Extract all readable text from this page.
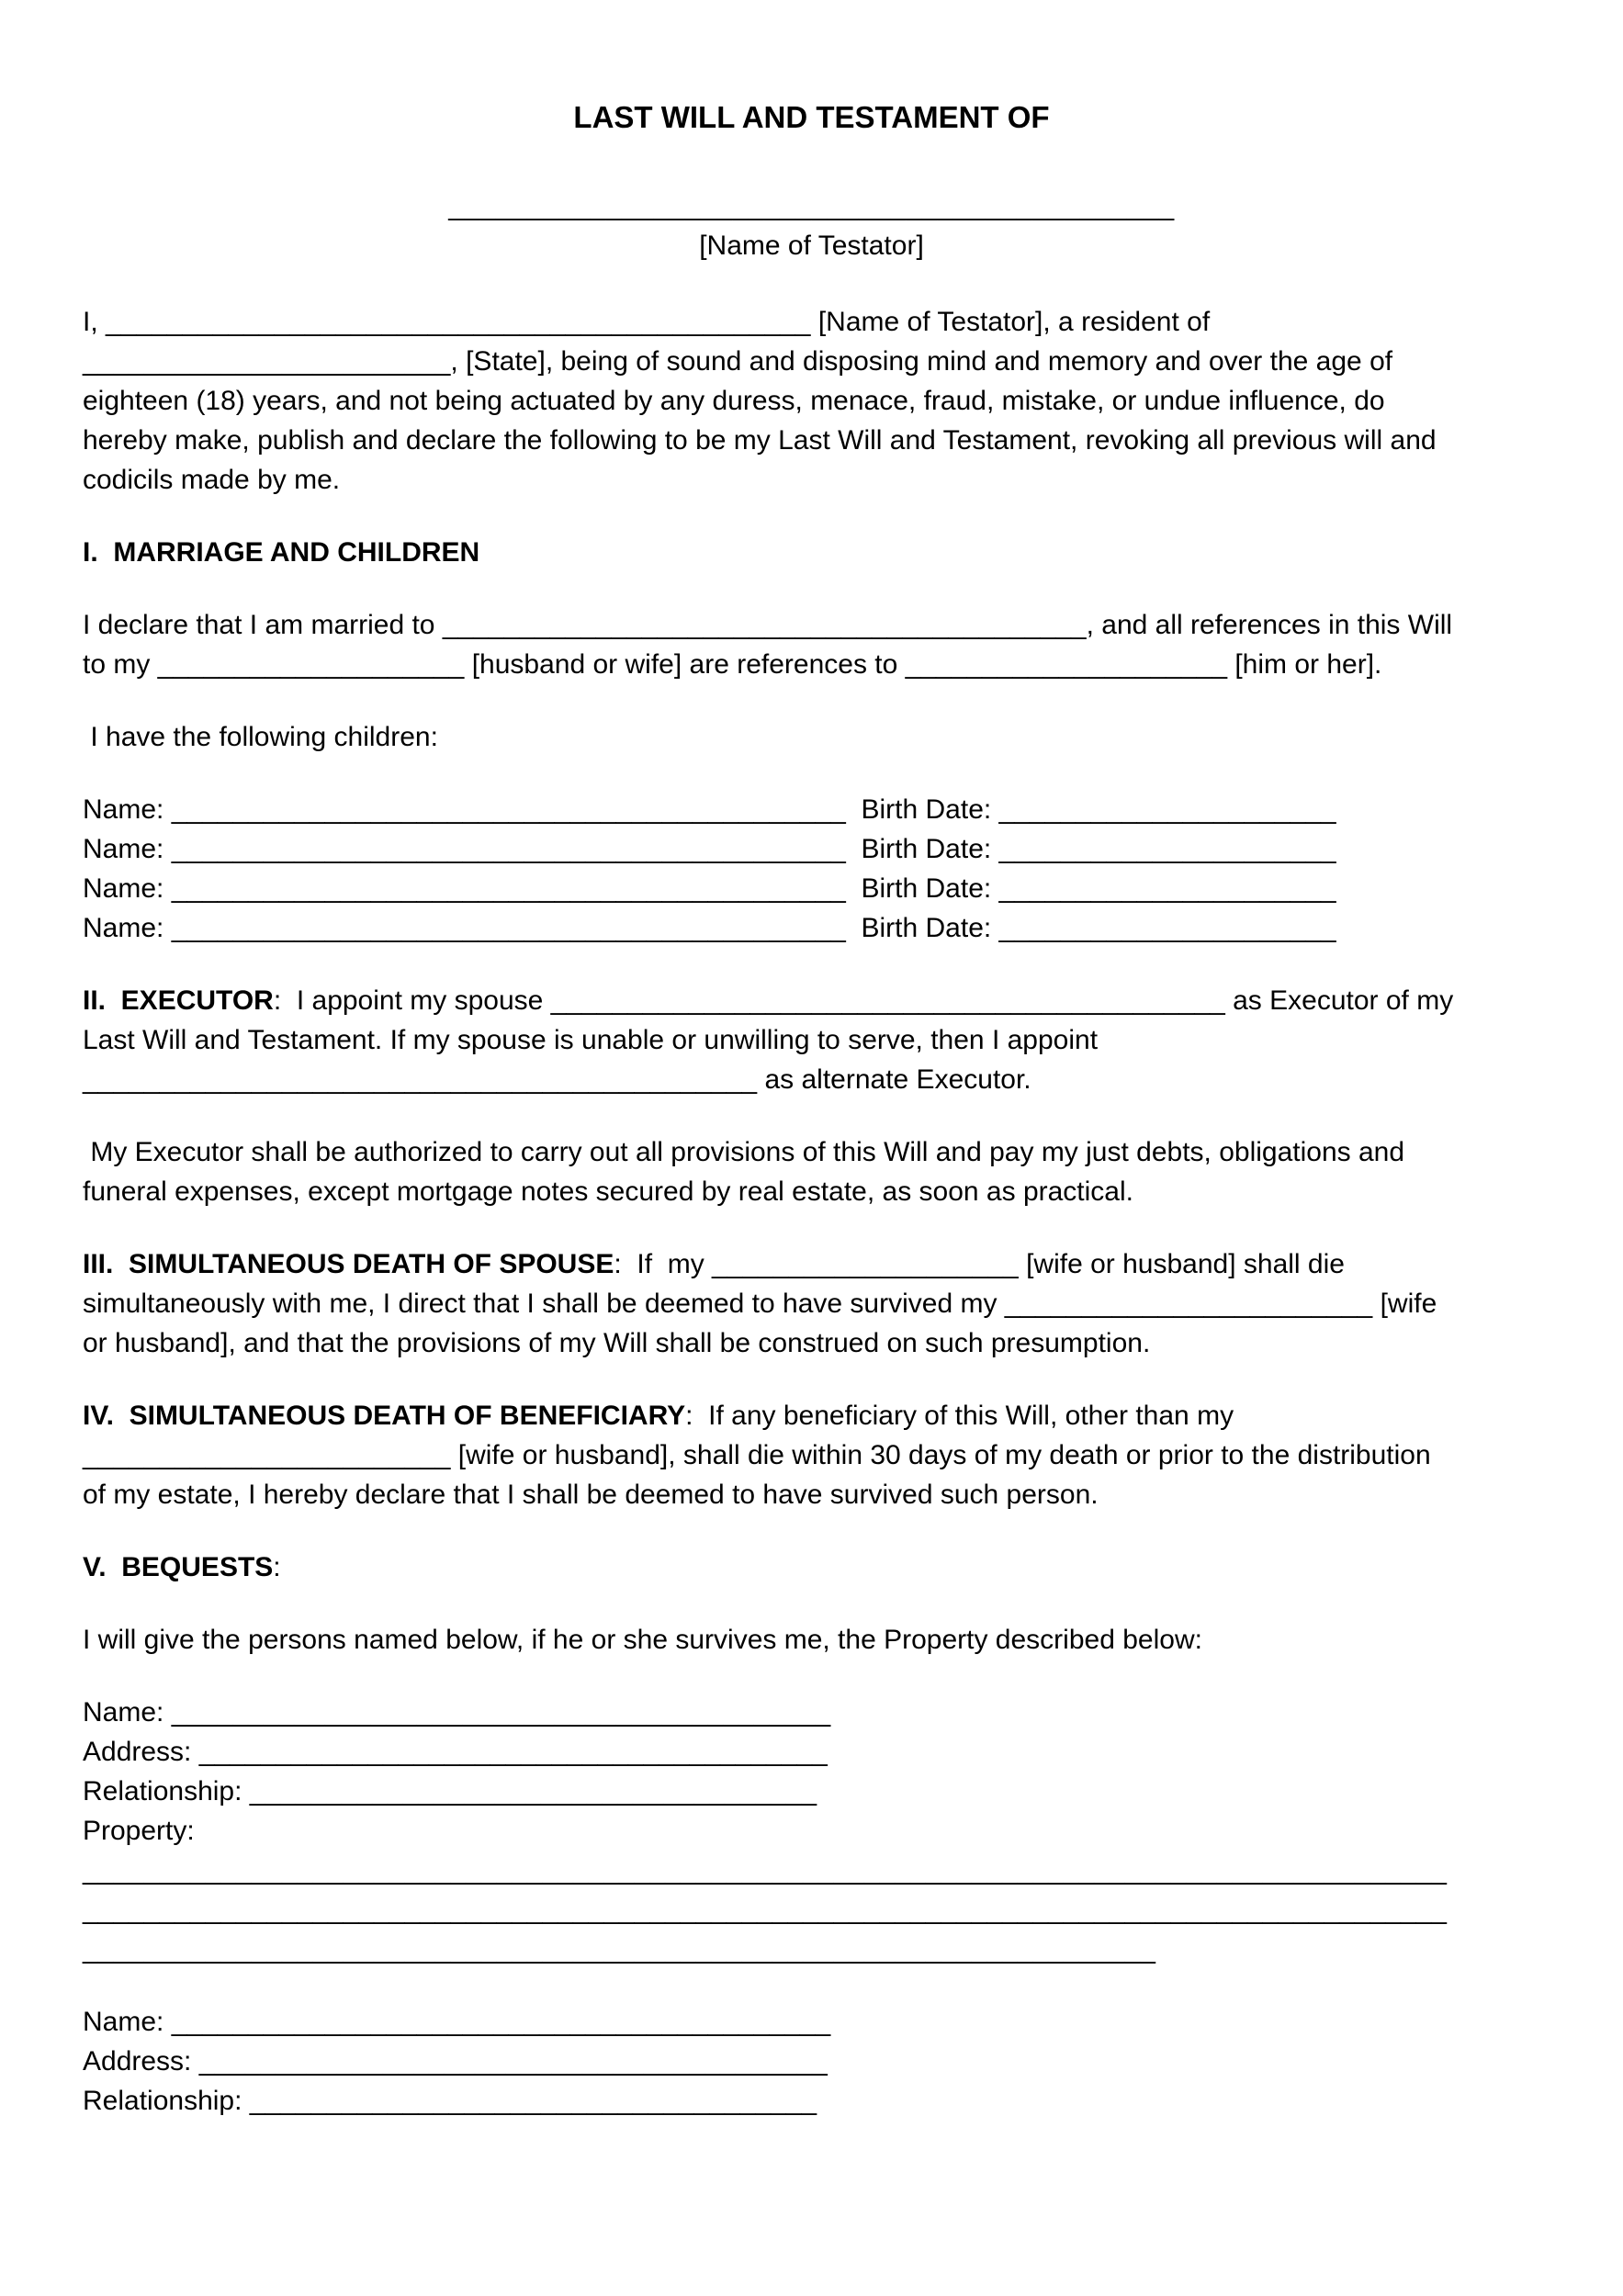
LAST WILL AND TESTAMENT OF

______________________________________________

[Name of Testator]

I, ______________________________________________ [Name of Testator], a resident of ________________________, [State], being of sound and disposing mind and memory and over the age of eighteen (18) years, and not being actuated by any duress, menace, fraud, mistake, or undue influence, do hereby make, publish and declare the following to be my Last Will and Testament, revoking all previous will and codicils made by me.

I.  MARRIAGE AND CHILDREN

I declare that I am married to __________________________________________, and all references in this Will to my ____________________ [husband or wife] are references to _____________________ [him or her].

I have the following children:

Name: ____________________________________________  Birth Date: ______________________
Name: ____________________________________________  Birth Date: ______________________
Name: ____________________________________________  Birth Date: ______________________
Name: ____________________________________________  Birth Date: ______________________

II.  EXECUTOR:  I appoint my spouse ____________________________________________ as Executor of my Last Will and Testament. If my spouse is unable or unwilling to serve, then I appoint ____________________________________________ as alternate Executor.

My Executor shall be authorized to carry out all provisions of this Will and pay my just debts, obligations and funeral expenses, except mortgage notes secured by real estate, as soon as practical.

III.  SIMULTANEOUS DEATH OF SPOUSE:  If  my ____________________ [wife or husband] shall die simultaneously with me, I direct that I shall be deemed to have survived my ________________________ [wife or husband], and that the provisions of my Will shall be construed on such presumption.

IV.  SIMULTANEOUS DEATH OF BENEFICIARY:  If any beneficiary of this Will, other than my ________________________ [wife or husband], shall die within 30 days of my death or prior to the distribution of my estate, I hereby declare that I shall be deemed to have survived such person.

V.  BEQUESTS:

I will give the persons named below, if he or she survives me, the Property described below:

Name: ___________________________________________
Address: _________________________________________
Relationship: _____________________________________
Property: ________________________________________________________________________________________________________________________________________________________________________________________________________________________________________________________
Name: ___________________________________________
Address: _________________________________________
Relationship: _____________________________________
